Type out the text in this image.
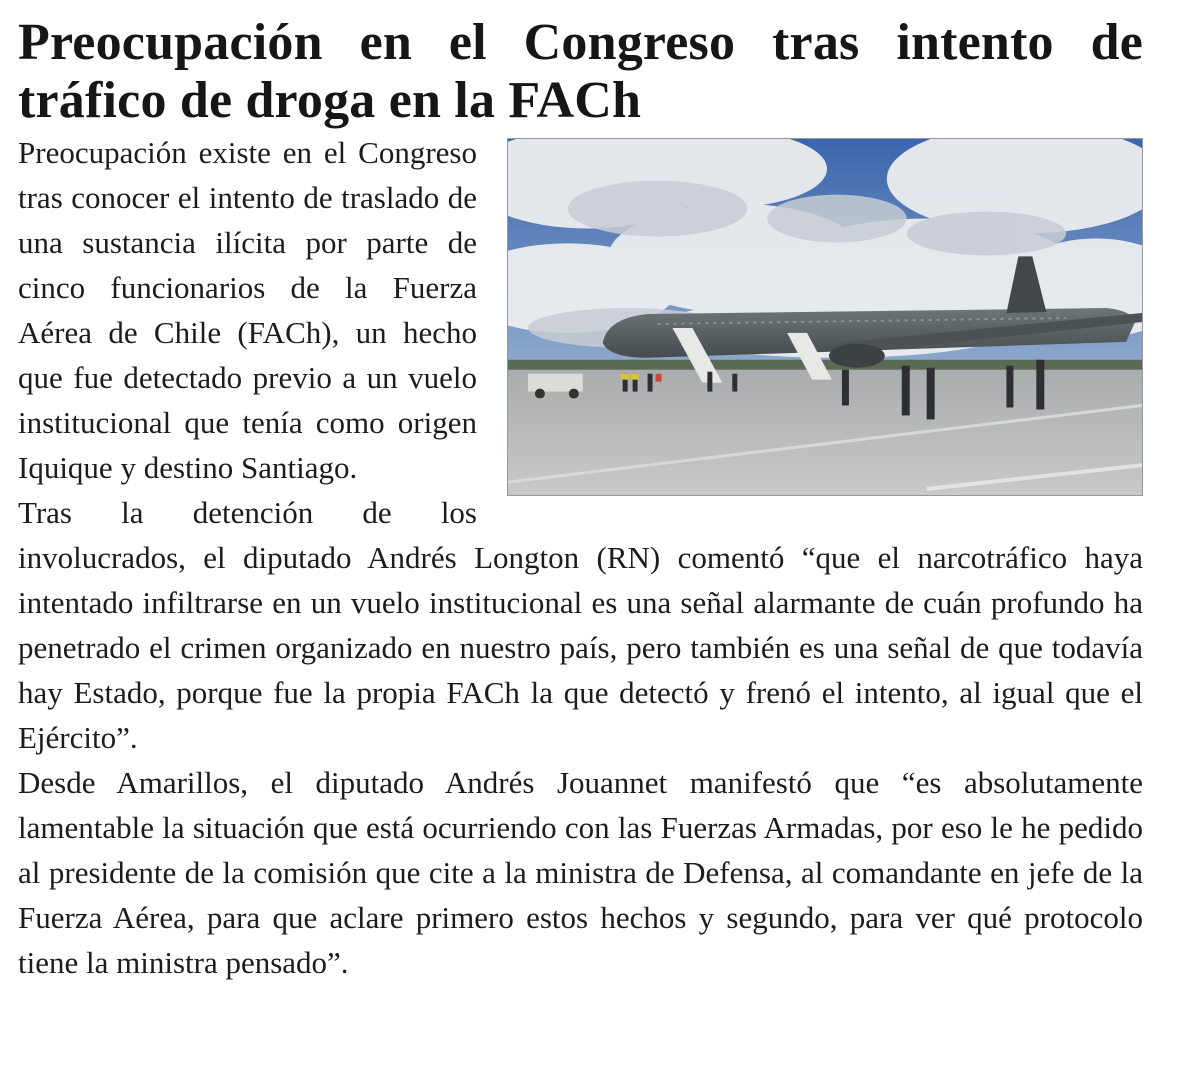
Preocupación en el Congreso tras intento de tráfico de droga en la FACh

Preocupación existe en el Congreso tras conocer el intento de traslado de una sustancia ilícita por parte de cinco funcionarios de la Fuerza Aérea de Chile (FACh), un hecho que fue detectado previo a un vuelo institucional que tenía como origen Iquique y destino Santiago.

Tras la detención de los involucrados, el diputado Andrés Longton (RN) comentó “que el narcotráfico haya intentado infiltrarse en un vuelo institucional es una señal alarmante de cuán profundo ha penetrado el crimen organizado en nuestro país, pero también es una señal de que todavía hay Estado, porque fue la propia FACh la que detectó y frenó el intento, al igual que el Ejército”.

Desde Amarillos, el diputado Andrés Jouannet manifestó que “es absolutamente lamentable la situación que está ocurriendo con las Fuerzas Armadas, por eso le he pedido al presidente de la comisión que cite a la ministra de Defensa, al comandante en jefe de la Fuerza Aérea, para que aclare primero estos hechos y segundo, para ver qué protocolo tiene la ministra pensado”.
